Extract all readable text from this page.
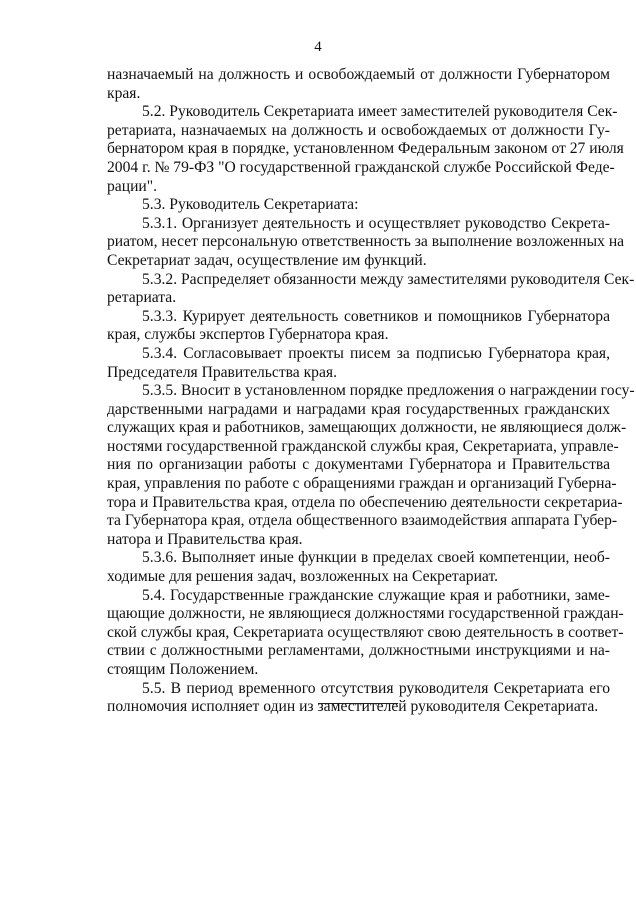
4
назначаемый на должность и освобождаемый от должности Губернатором
края.
5.2. Руководитель Секретариата имеет заместителей руководителя Сек-
ретариата, назначаемых на должность и освобождаемых от должности Гу-
бернатором края в порядке, установленном Федеральным законом от 27 июля
2004 г. № 79-ФЗ "О государственной гражданской службе Российской Феде-
рации".
5.3. Руководитель Секретариата:
5.3.1. Организует деятельность и осуществляет руководство Секрета-
риатом, несет персональную ответственность за выполнение возложенных на
Секретариат задач, осуществление им функций.
5.3.2. Распределяет обязанности между заместителями руководителя Сек-
ретариата.
5.3.3. Курирует деятельность советников и помощников Губернатора
края, службы экспертов Губернатора края.
5.3.4. Согласовывает проекты писем за подписью Губернатора края,
Председателя Правительства края.
5.3.5. Вносит в установленном порядке предложения о награждении госу-
дарственными наградами и наградами края государственных гражданских
служащих края и работников, замещающих должности, не являющиеся долж-
ностями государственной гражданской службы края, Секретариата, управле-
ния по организации работы с документами Губернатора и Правительства
края, управления по работе с обращениями граждан и организаций Губерна-
тора и Правительства края, отдела по обеспечению деятельности секретариа-
та Губернатора края, отдела общественного взаимодействия аппарата Губер-
натора и Правительства края.
5.3.6. Выполняет иные функции в пределах своей компетенции, необ-
ходимые для решения задач, возложенных на Секретариат.
5.4. Государственные гражданские служащие края и работники, заме-
щающие должности, не являющиеся должностями государственной граждан-
ской службы края, Секретариата осуществляют свою деятельность в соответ-
ствии с должностными регламентами, должностными инструкциями и на-
стоящим Положением.
5.5. В период временного отсутствия руководителя Секретариата его
полномочия исполняет один из заместителей руководителя Секретариата.
